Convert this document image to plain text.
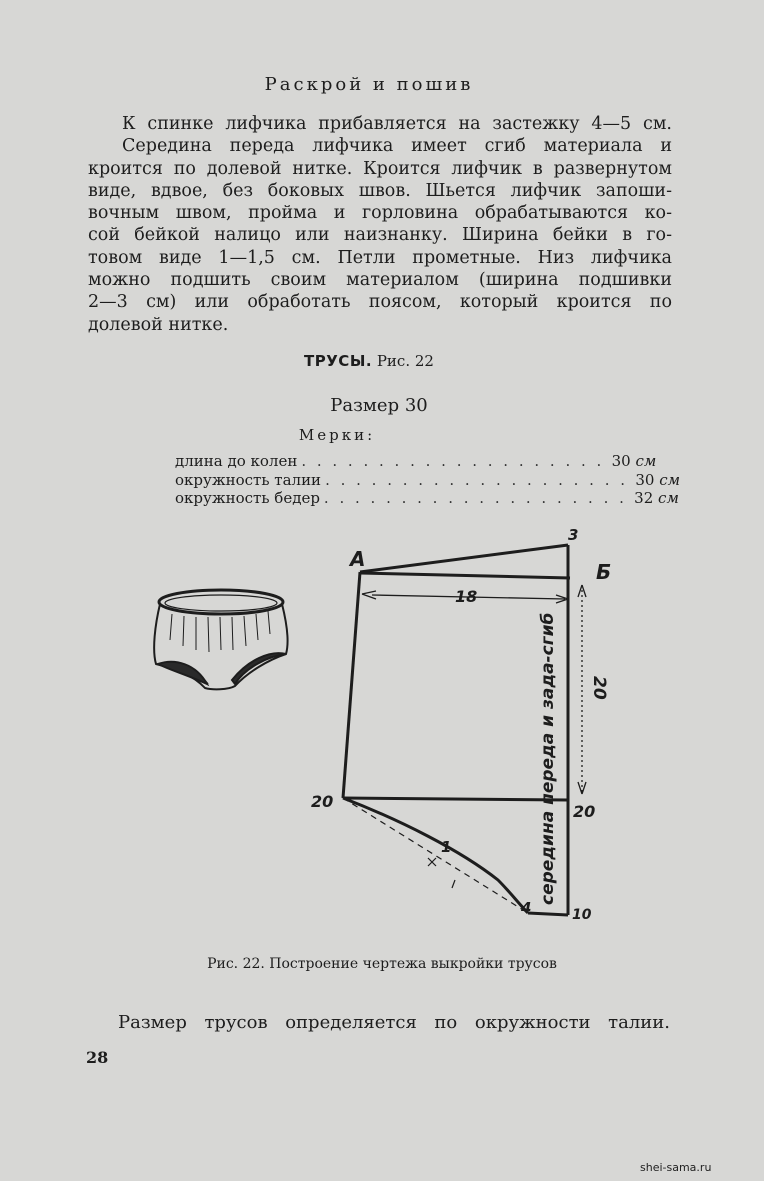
Раскрой и пошив
К спинке лифчика прибавляется на застежку 4—5 см.
Середина переда лифчика имеет сгиб материала и
кроится по долевой нитке. Кроится лифчик в развернутом
виде, вдвое, без боковых швов. Шьется лифчик запоши-
вочным швом, пройма и горловина обрабатываются ко-
сой бейкой налицо или наизнанку. Ширина бейки в го-
товом виде 1—1,5 см. Петли прометные. Низ лифчика
можно подшить своим материалом (ширина подшивки
2—3 см) или обработать поясом, который кроится по
долевой нитке.
ТРУСЫ. Рис. 22
Размер 30
Мерки:
длина до колен . . . . . . . . . . . . . . . . . . . . 30 см
окружность талии . . . . . . . . . . . . . . . . . . . . 30 см
окружность бедер . . . . . . . . . . . . . . . . . . . . 32 см
А
3
Б
18
20
20
20
1
4	10
середина переда и зада-сгиб
Рис. 22. Построение чертежа выкройки трусов
Размер трусов определяется по окружности талии.
28
shei-sama.ru
